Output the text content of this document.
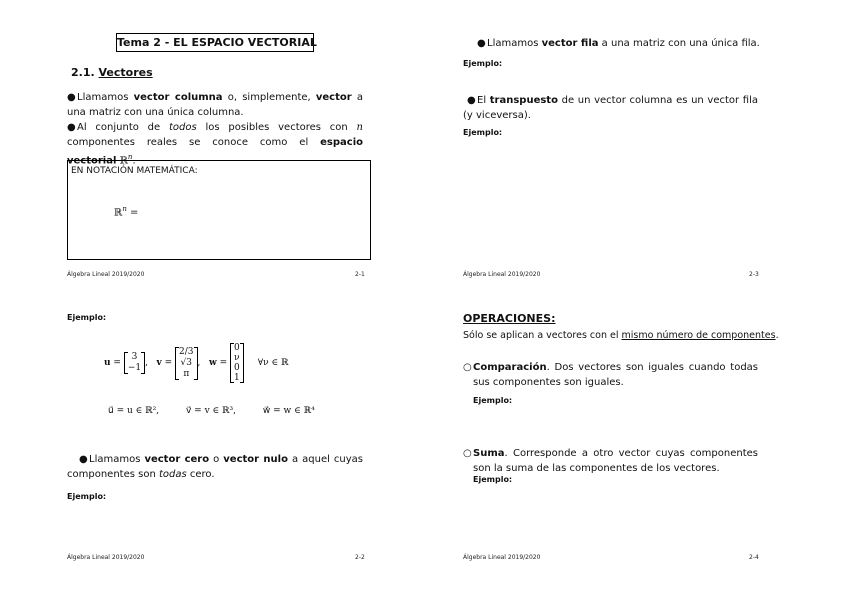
Tema 2 - EL ESPACIO VECTORIAL
2.1. Vectores
●Llamamos vector columna o, simplemente, vector a una matriz con una única columna.
●Al conjunto de todos los posibles vectores con n componentes reales se conoce como el espacio vectorial ℝ$^n$.
EN NOTACIÓN MATEMÁTICA:
ℝ$^n$ =
Álgebra Lineal 2019/2020	2-1
●Llamamos vector fila a una matriz con una única fila.
Ejemplo:
●El transpuesto de un vector columna es un vector fila (y viceversa).
Ejemplo:
Álgebra Lineal 2019/2020	2-3
Ejemplo:
u =
3
−1 , v =
2/3
√3
π
, w =
0
ν
0
1
∀ν ∈ ℝ
u⃗ = u ∈ ℝ²,	v⃗ = v ∈ ℝ³,	w⃗ = w ∈ ℝ⁴
●Llamamos vector cero o vector nulo a aquel cuyas componentes son todas cero.
Ejemplo:
Álgebra Lineal 2019/2020	2-2
OPERACIONES:
Sólo se aplican a vectores con el mismo número de componentes.
○ Comparación. Dos vectores son iguales cuando todas sus componentes son iguales.
Ejemplo:
○ Suma. Corresponde a otro vector cuyas componentes son la suma de las componentes de los vectores.
Ejemplo:
Álgebra Lineal 2019/2020	2-4
